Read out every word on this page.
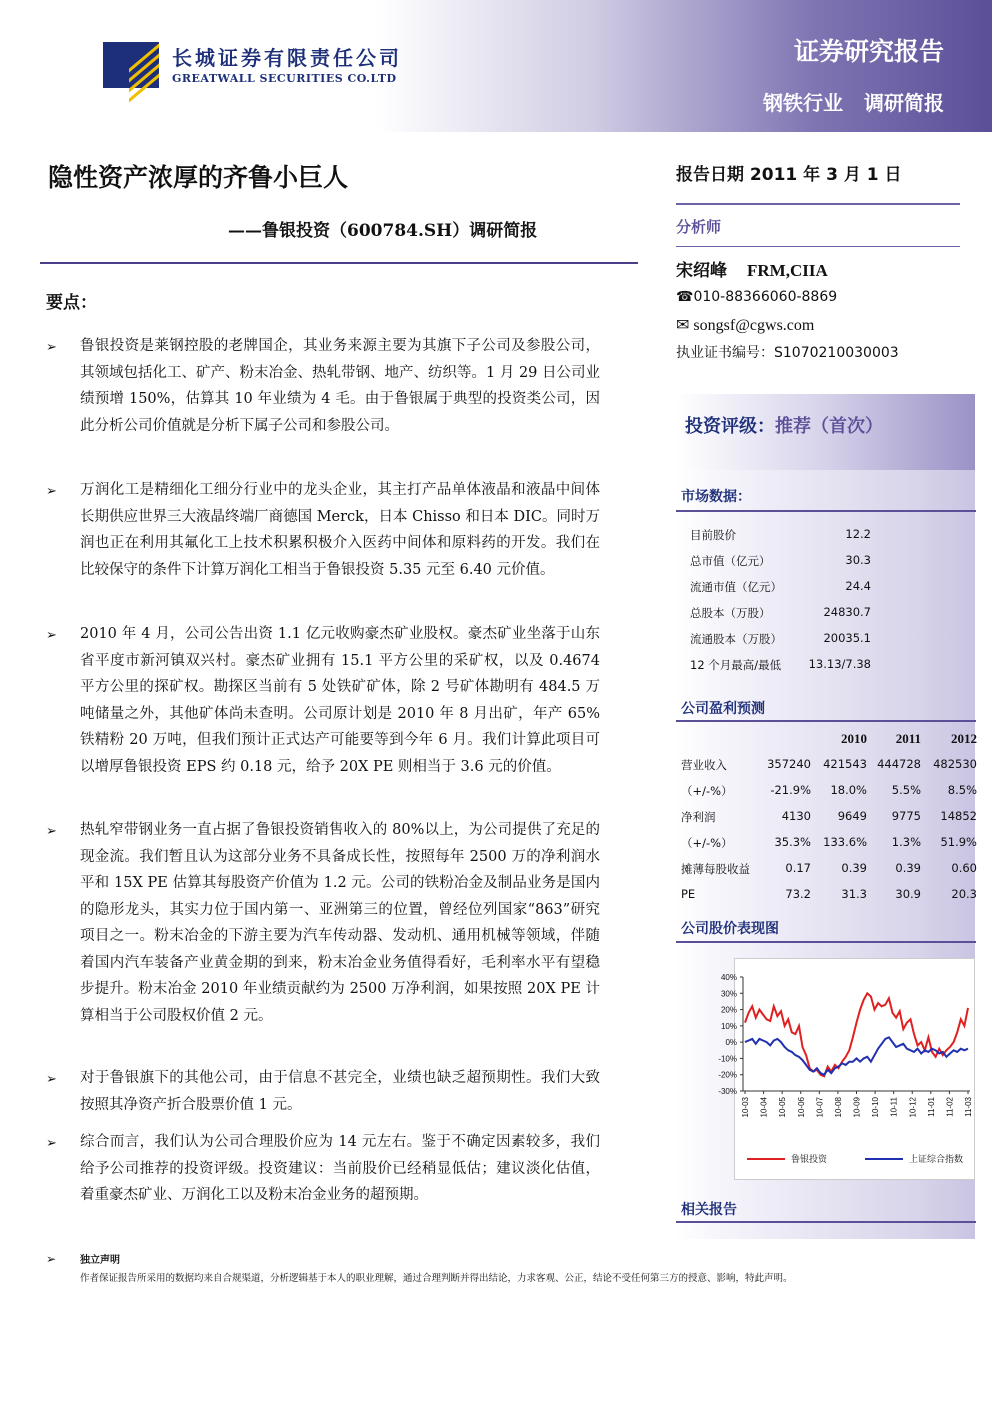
长城证券有限责任公司
GREATWALL SECURITIES CO.LTD
证券研究报告
钢铁行业 调研简报
隐性资产浓厚的齐鲁小巨人
——鲁银投资（600784.SH）调研简报
要点：
➢ 鲁银投资是莱钢控股的老牌国企，其业务来源主要为其旗下子公司及参股公司，其领域包括化工、矿产、粉末冶金、热轧带钢、地产、纺织等。1 月 29 日公司业绩预增 150%，估算其 10 年业绩为 4 毛。由于鲁银属于典型的投资类公司，因此分析公司价值就是分析下属子公司和参股公司。
➢ 万润化工是精细化工细分行业中的龙头企业，其主打产品单体液晶和液晶中间体长期供应世界三大液晶终端厂商德国 Merck，日本 Chisso 和日本 DIC。同时万润也正在利用其氟化工上技术积累积极介入医药中间体和原料药的开发。我们在比较保守的条件下计算万润化工相当于鲁银投资 5.35 元至 6.40 元价值。
➢ 2010 年 4 月，公司公告出资 1.1 亿元收购豪杰矿业股权。豪杰矿业坐落于山东省平度市新河镇双兴村。豪杰矿业拥有 15.1 平方公里的采矿权，以及 0.4674 平方公里的探矿权。勘探区当前有 5 处铁矿矿体，除 2 号矿体勘明有 484.5 万吨储量之外，其他矿体尚未查明。公司原计划是 2010 年 8 月出矿，年产 65%铁精粉 20 万吨，但我们预计正式达产可能要等到今年 6 月。我们计算此项目可以增厚鲁银投资 EPS 约 0.18 元，给予 20X PE 则相当于 3.6 元的价值。
➢ 热轧窄带钢业务一直占据了鲁银投资销售收入的 80%以上，为公司提供了充足的现金流。我们暂且认为这部分业务不具备成长性，按照每年 2500 万的净利润水平和 15X PE 估算其每股资产价值为 1.2 元。公司的铁粉冶金及制品业务是国内的隐形龙头，其实力位于国内第一、亚洲第三的位置，曾经位列国家“863”研究项目之一。粉末冶金的下游主要为汽车传动器、发动机、通用机械等领域，伴随着国内汽车装备产业黄金期的到来，粉末冶金业务值得看好，毛利率水平有望稳步提升。粉末冶金 2010 年业绩贡献约为 2500 万净利润，如果按照 20X PE 计算相当于公司股权价值 2 元。
➢ 对于鲁银旗下的其他公司，由于信息不甚完全，业绩也缺乏超预期性。我们大致按照其净资产折合股票价值 1 元。
➢ 综合而言，我们认为公司合理股价应为 14 元左右。鉴于不确定因素较多，我们给予公司推荐的投资评级。投资建议：当前股价已经稍显低估；建议淡化估值，着重豪杰矿业、万润化工以及粉末冶金业务的超预期。
报告日期 2011 年 3 月 1 日
分析师
宋绍峰 FRM,CIIA
☎010-88366060-8869
✉ songsf@cgws.com
执业证书编号：S1070210030003
投资评级：推荐（首次）
市场数据：
目前股价	12.2
总市值（亿元）	30.3
流通市值（亿元）	24.4
总股本（万股）	24830.7
流通股本（万股）	20035.1
12 个月最高/最低 13.13/7.38
公司盈利预测
2010 2011 2012
营业收入	357240 421543 444728 482530
（+/-%）	-21.9% 18.0% 5.5% 8.5%
净利润	4130 9649 9775 14852
（+/-%）	35.3% 133.6% 1.3% 51.9%
摊薄每股收益	0.17	0.39 0.39	0.60
PE	73.2	31.3 30.9	20.3
公司股价表现图
40%
30%
20%
10%
0%
-10%
-20%
-30%
10-03 10-04 10-05 10-06 10-07 10-08 10-09 10-10 10-11 10-12 11-01 11-02 11-03
鲁银投资	上证综合指数
相关报告
➢ 独立声明
作者保证报告所采用的数据均来自合规渠道，分析逻辑基于本人的职业理解，通过合理判断并得出结论，力求客观、公正，结论不受任何第三方的授意、影响，特此声明。
